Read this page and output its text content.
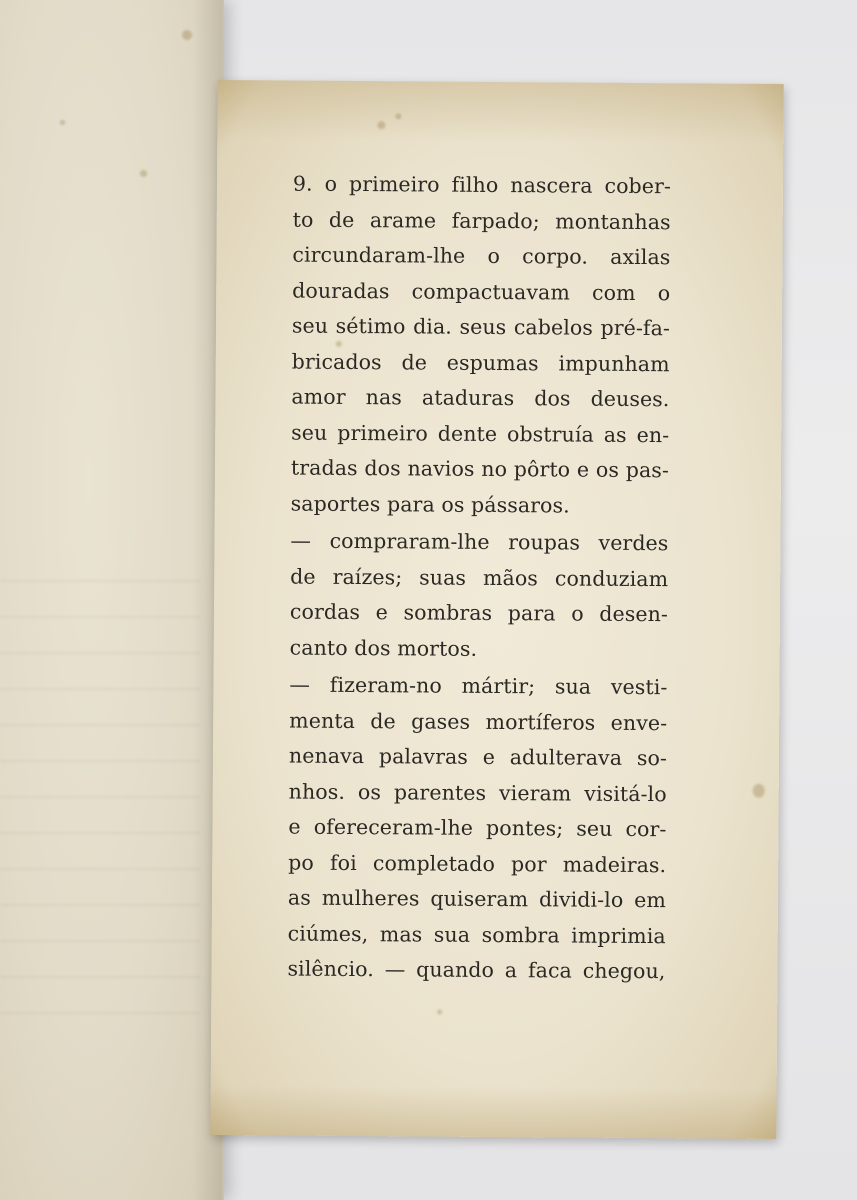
9. o primeiro filho nascera cober-
to de arame farpado; montanhas
circundaram-lhe o corpo. axilas
douradas compactuavam com o
seu sétimo dia. seus cabelos pré-fa-
bricados de espumas impunham
amor nas ataduras dos deuses.
seu primeiro dente obstruía as en-
tradas dos navios no pôrto e os pas-
saportes para os pássaros.
— compraram-lhe roupas verdes
de raízes; suas mãos conduziam
cordas e sombras para o desen-
canto dos mortos.
— fizeram-no mártir; sua vesti-
menta de gases mortíferos enve-
nenava palavras e adulterava so-
nhos. os parentes vieram visitá-lo
e ofereceram-lhe pontes; seu cor-
po foi completado por madeiras.
as mulheres quiseram dividi-lo em
ciúmes, mas sua sombra imprimia
silêncio. — quando a faca chegou,
